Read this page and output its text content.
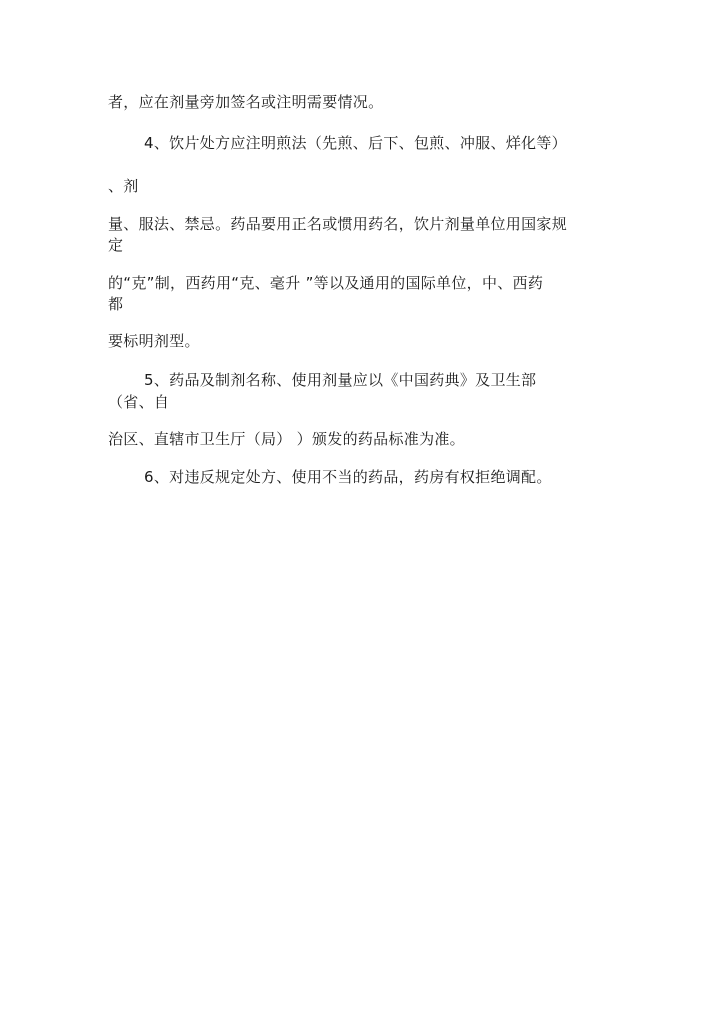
者，应在剂量旁加签名或注明需要情况。
4、饮片处方应注明煎法（先煎、后下、包煎、冲服、烊化等）
、剂
量、服法、禁忌。药品要用正名或惯用药名，饮片剂量单位用国家规
定
的“克”制，西药用“克、毫升 ”等以及通用的国际单位，中、西药
都
要标明剂型。
5、药品及制剂名称、使用剂量应以《中国药典》及卫生部
（省、自
治区、直辖市卫生厅（局） ）颁发的药品标准为准。
6、对违反规定处方、使用不当的药品，药房有权拒绝调配。
